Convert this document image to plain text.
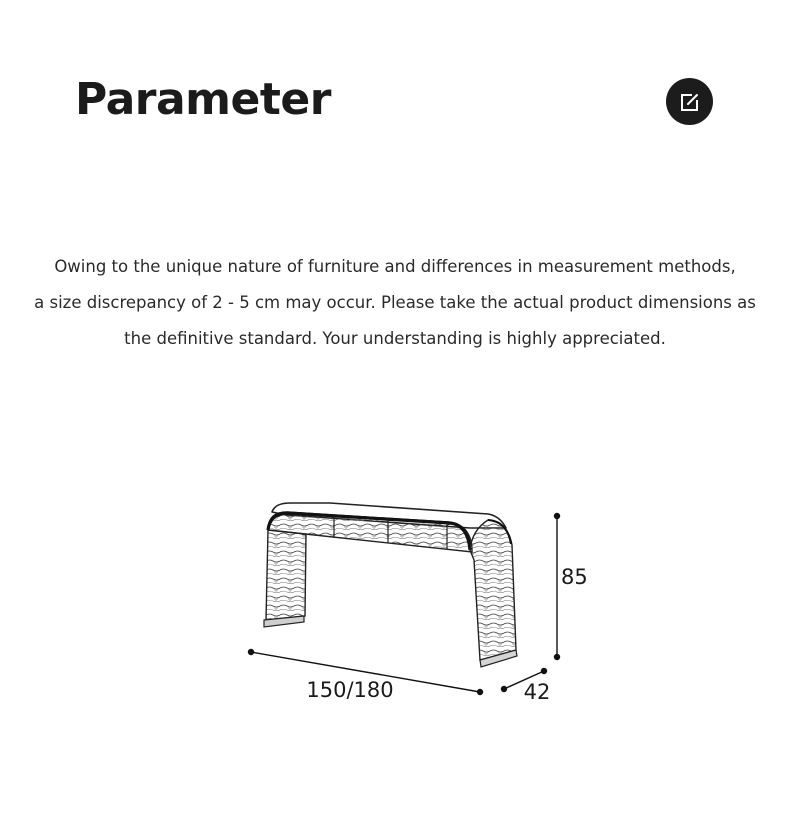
Parameter

Owing to the unique nature of furniture and differences in measurement methods,

a size discrepancy of 2 - 5 cm may occur. Please take the actual product dimensions as

the definitive standard. Your understanding is highly appreciated.

150/180	42
85
